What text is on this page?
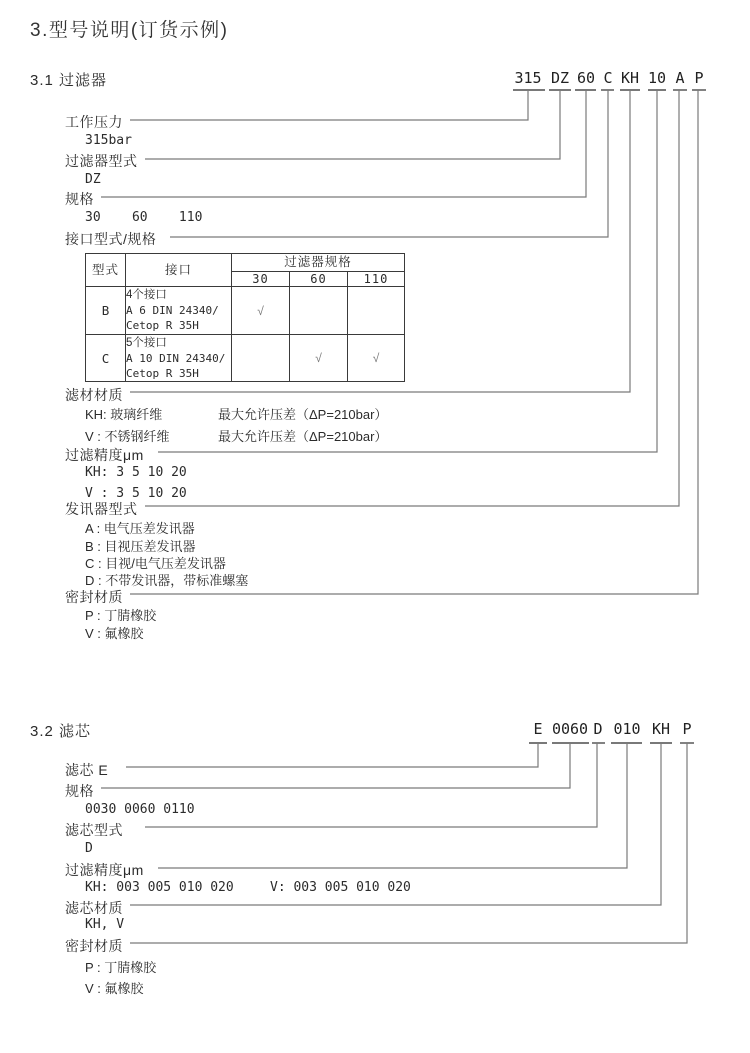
3.型号说明(订货示例)
3.1 过滤器	315 DZ 60 C KH 10 A P
工作压力
315bar
过滤器型式
DZ
规格
30    60    110
接口型式/规格
型式	接口	过滤器规格		
		30	60	110
B	4个接口
A 6 DIN 24340/
Cetop R 35H	√		
C	5个接口
A 10 DIN 24340/
Cetop R 35H		√	√
滤材材质
KH: 玻璃纤维	最大允许压差（ΔP=210bar）
V : 不锈钢纤维	最大允许压差（ΔP=210bar）
过滤精度μm
KH: 3 5 10 20
V : 3 5 10 20
发讯器型式
A : 电气压差发讯器
B : 目视压差发讯器
C : 目视/电气压差发讯器
D : 不带发讯器，带标准螺塞
密封材质
P : 丁腈橡胶
V : 氟橡胶
3.2 滤芯	E 0060 D 010 KH P
滤芯 E
规格
0030 0060 0110
滤芯型式
D
过滤精度μm
KH: 003 005 010 020	V: 003 005 010 020
滤芯材质
KH, V
密封材质
P : 丁腈橡胶
V : 氟橡胶
